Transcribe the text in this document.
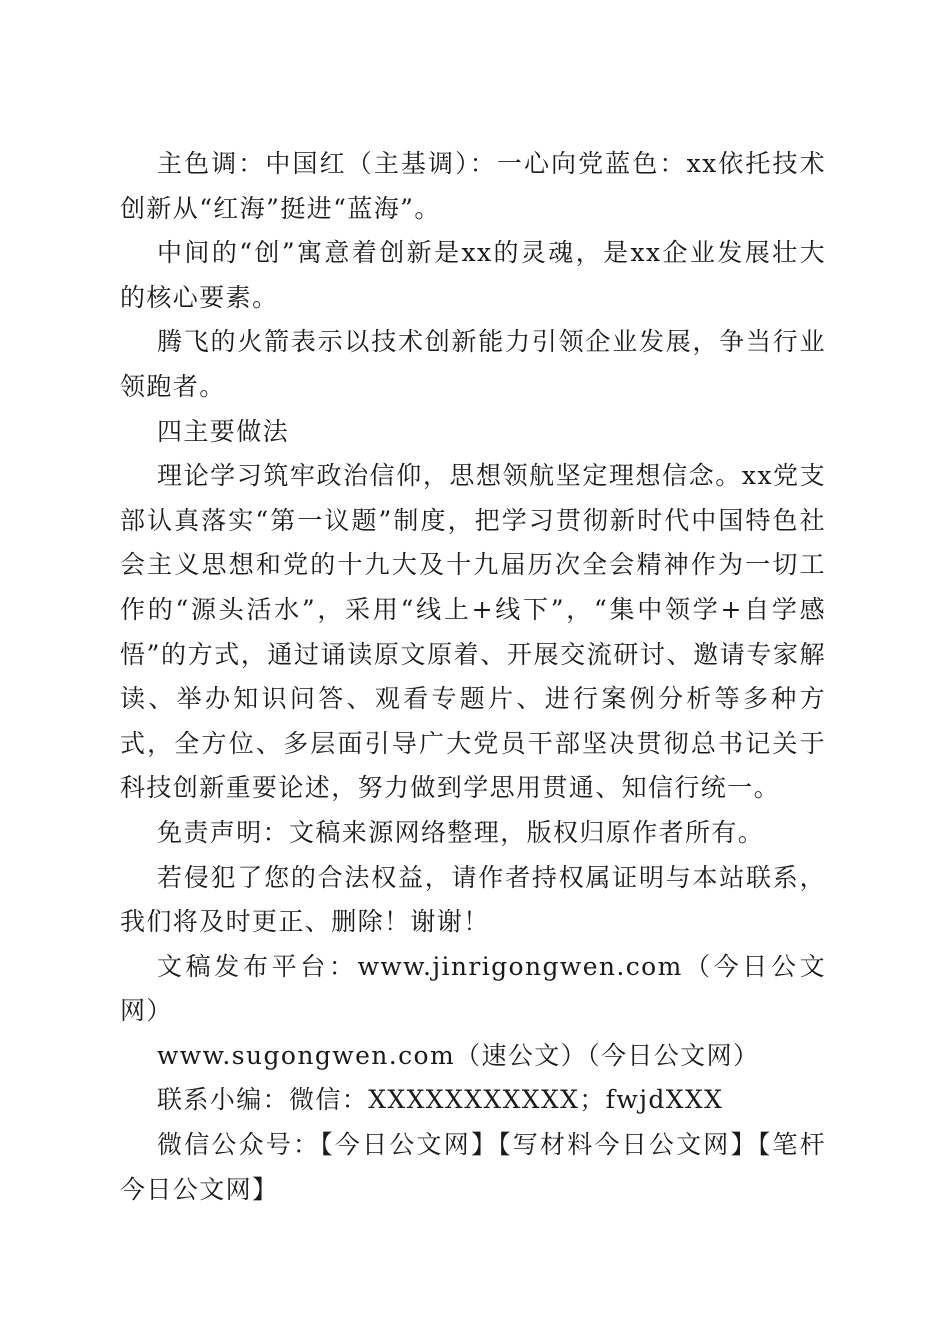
主色调：中国红（主基调）：一心向党蓝色：xx依托技术创新从“红海”挺进“蓝海”。

中间的“创”寓意着创新是xx的灵魂，是xx企业发展壮大的核心要素。

腾飞的火箭表示以技术创新能力引领企业发展，争当行业领跑者。

四主要做法

理论学习筑牢政治信仰，思想领航坚定理想信念。xx党支部认真落实“第一议题”制度，把学习贯彻新时代中国特色社会主义思想和党的十九大及十九届历次全会精神作为一切工作的“源头活水”，采用“线上+线下”，“集中领学+自学感悟”的方式，通过诵读原文原着、开展交流研讨、邀请专家解读、举办知识问答、观看专题片、进行案例分析等多种方式，全方位、多层面引导广大党员干部坚决贯彻总书记关于科技创新重要论述，努力做到学思用贯通、知信行统一。

免责声明：文稿来源网络整理，版权归原作者所有。

若侵犯了您的合法权益，请作者持权属证明与本站联系，我们将及时更正、删除！谢谢！

文稿发布平台：www.jinrigongwen.com（今日公文网）

www.sugongwen.com（速公文）（今日公文网）

联系小编：微信：XXXXXXXXXXX；fwjdXXX

微信公众号：【今日公文网】【写材料今日公文网】【笔杆今日公文网】
